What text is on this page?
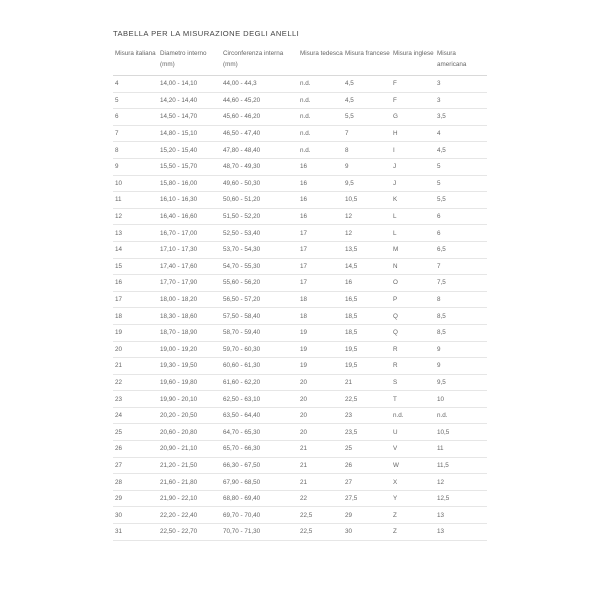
TABELLA PER LA MISURAZIONE DEGLI ANELLI
Misura italiana	Diametro interno (mm)	Circonferenza interna (mm)	Misura tedesca	Misura francese	Misura inglese	Misura americana
4	14,00 - 14,10	44,00 - 44,3	n.d.	4,5	F	3
5	14,20 - 14,40	44,60 - 45,20	n.d.	4,5	F	3
6	14,50 - 14,70	45,60 - 46,20	n.d.	5,5	G	3,5
7	14,80 - 15,10	46,50 - 47,40	n.d.	7	H	4
8	15,20 - 15,40	47,80 - 48,40	n.d.	8	I	4,5
9	15,50 - 15,70	48,70 - 49,30	16	9	J	5
10	15,80 - 16,00	49,60 - 50,30	16	9,5	J	5
11	16,10 - 16,30	50,60 - 51,20	16	10,5	K	5,5
12	16,40 - 16,60	51,50 - 52,20	16	12	L	6
13	16,70 - 17,00	52,50 - 53,40	17	12	L	6
14	17,10 - 17,30	53,70 - 54,30	17	13,5	M	6,5
15	17,40 - 17,60	54,70 - 55,30	17	14,5	N	7
16	17,70 - 17,90	55,60 - 56,20	17	16	O	7,5
17	18,00 - 18,20	56,50 - 57,20	18	16,5	P	8
18	18,30 - 18,60	57,50 - 58,40	18	18,5	Q	8,5
19	18,70 - 18,90	58,70 - 59,40	19	18,5	Q	8,5
20	19,00 - 19,20	59,70 - 60,30	19	19,5	R	9
21	19,30 - 19,50	60,60 - 61,30	19	19,5	R	9
22	19,60 - 19,80	61,60 - 62,20	20	21	S	9,5
23	19,90 - 20,10	62,50 - 63,10	20	22,5	T	10
24	20,20 - 20,50	63,50 - 64,40	20	23	n.d.	n.d.
25	20,60 - 20,80	64,70 - 65,30	20	23,5	U	10,5
26	20,90 - 21,10	65,70 - 66,30	21	25	V	11
27	21,20 - 21,50	66,30 - 67,50	21	26	W	11,5
28	21,60 - 21,80	67,90 - 68,50	21	27	X	12
29	21,90 - 22,10	68,80 - 69,40	22	27,5	Y	12,5
30	22,20 - 22,40	69,70 - 70,40	22,5	29	Z	13
31	22,50 - 22,70	70,70 - 71,30	22,5	30	Z	13
